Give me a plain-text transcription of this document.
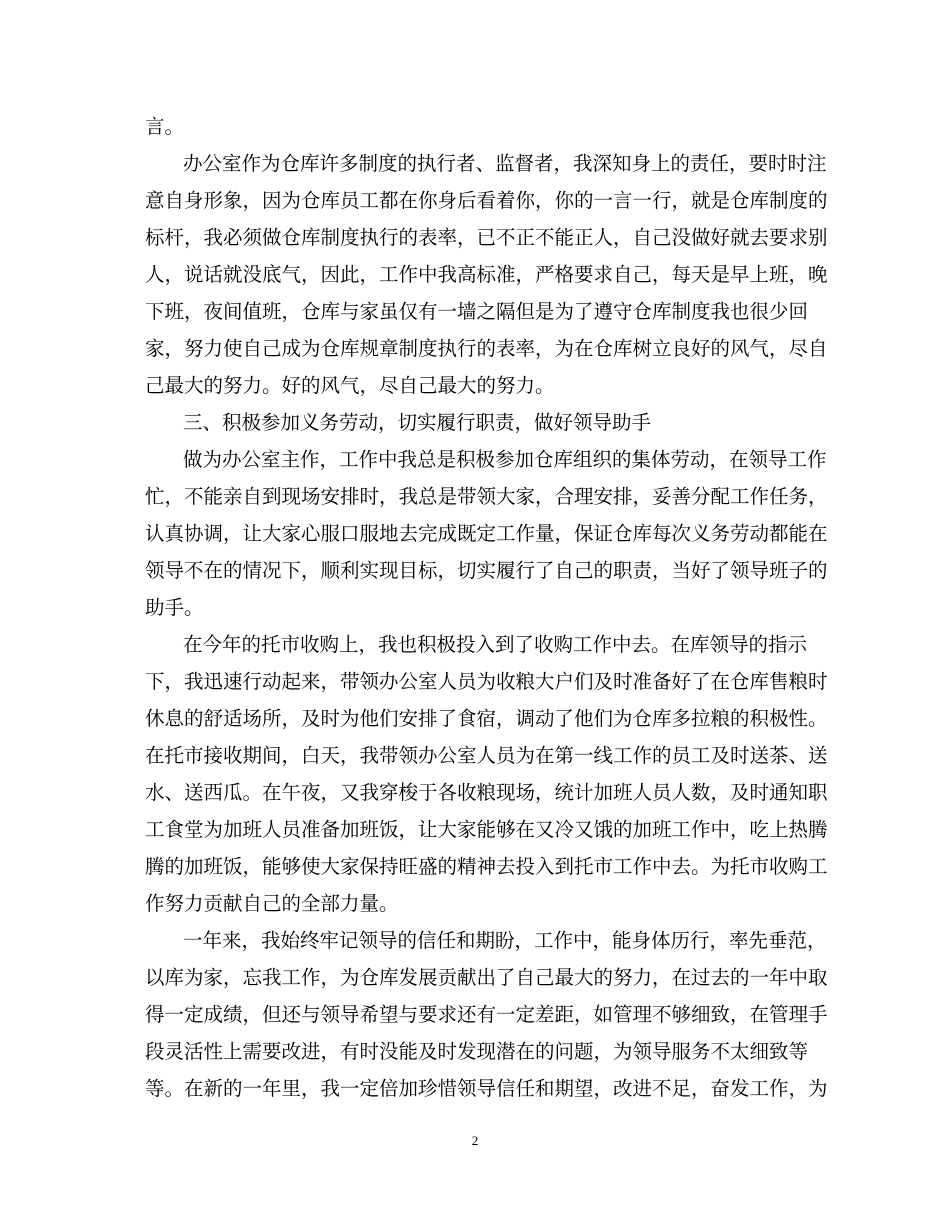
言。
办公室作为仓库许多制度的执行者、监督者，我深知身上的责任，要时时注
意自身形象，因为仓库员工都在你身后看着你，你的一言一行，就是仓库制度的
标杆，我必须做仓库制度执行的表率，已不正不能正人，自己没做好就去要求别
人，说话就没底气，因此，工作中我高标准，严格要求自己，每天是早上班，晚
下班，夜间值班，仓库与家虽仅有一墙之隔但是为了遵守仓库制度我也很少回
家，努力使自己成为仓库规章制度执行的表率，为在仓库树立良好的风气，尽自
己最大的努力。好的风气，尽自己最大的努力。
三、积极参加义务劳动，切实履行职责，做好领导助手
做为办公室主作，工作中我总是积极参加仓库组织的集体劳动，在领导工作
忙，不能亲自到现场安排时，我总是带领大家，合理安排，妥善分配工作任务，
认真协调，让大家心服口服地去完成既定工作量，保证仓库每次义务劳动都能在
领导不在的情况下，顺利实现目标，切实履行了自己的职责，当好了领导班子的
助手。
在今年的托市收购上，我也积极投入到了收购工作中去。在库领导的指示
下，我迅速行动起来，带领办公室人员为收粮大户们及时准备好了在仓库售粮时
休息的舒适场所，及时为他们安排了食宿，调动了他们为仓库多拉粮的积极性。
在托市接收期间，白天，我带领办公室人员为在第一线工作的员工及时送茶、送
水、送西瓜。在午夜，又我穿梭于各收粮现场，统计加班人员人数，及时通知职
工食堂为加班人员准备加班饭，让大家能够在又冷又饿的加班工作中，吃上热腾
腾的加班饭，能够使大家保持旺盛的精神去投入到托市工作中去。为托市收购工
作努力贡献自己的全部力量。
一年来，我始终牢记领导的信任和期盼，工作中，能身体历行，率先垂范，
以库为家，忘我工作，为仓库发展贡献出了自己最大的努力，在过去的一年中取
得一定成绩，但还与领导希望与要求还有一定差距，如管理不够细致，在管理手
段灵活性上需要改进，有时没能及时发现潜在的问题，为领导服务不太细致等
等。在新的一年里，我一定倍加珍惜领导信任和期望，改进不足，奋发工作，为
2
